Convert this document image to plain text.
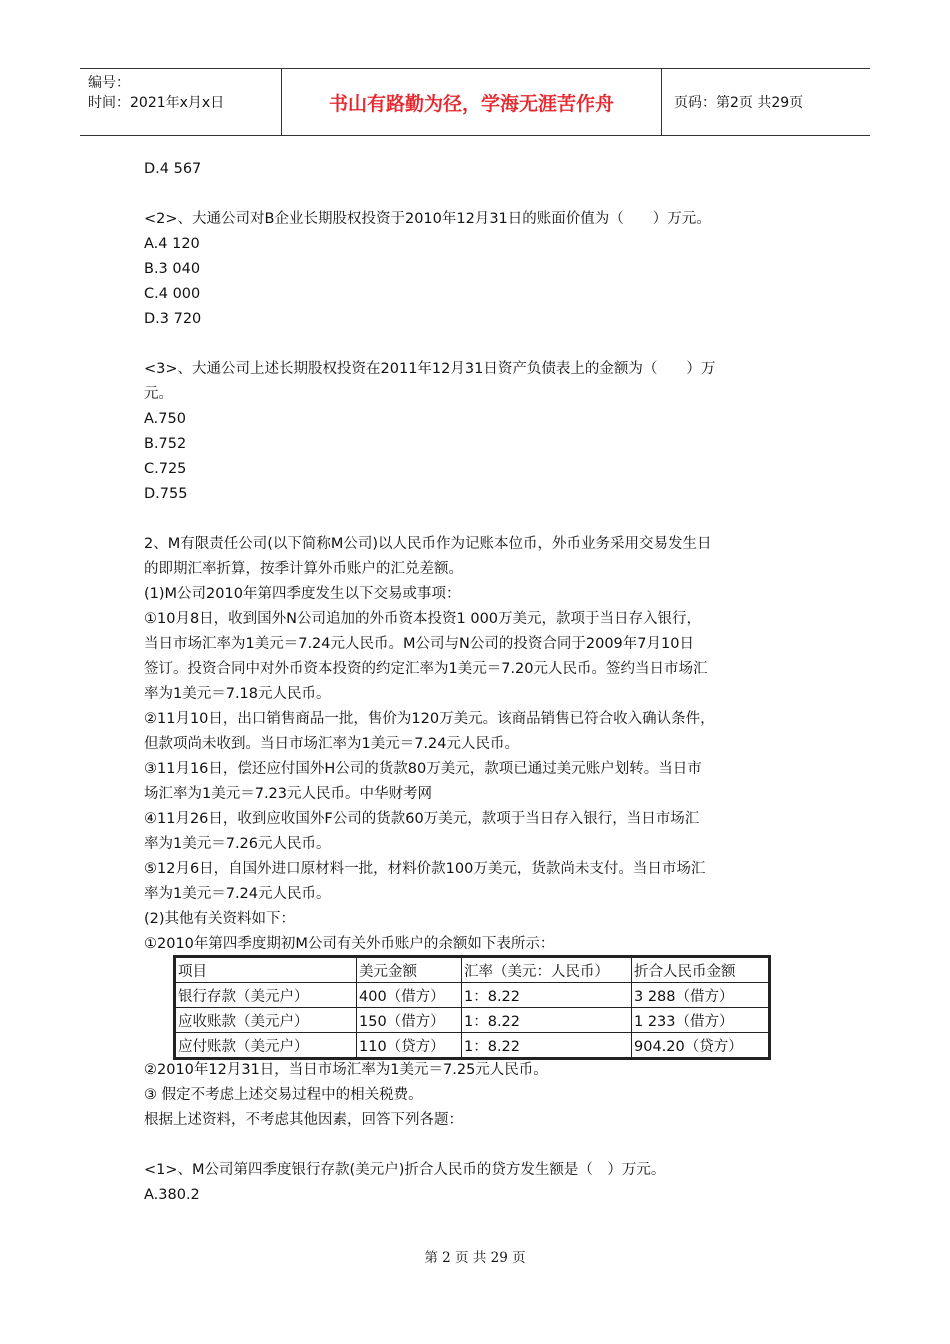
编号：
时间：2021年x月x日	书山有路勤为径，学海无涯苦作舟	页码：第2页 共29页
D.4 567
<2>、大通公司对B企业长期股权投资于2010年12月31日的账面价值为（　　）万元。
A.4 120
B.3 040
C.4 000
D.3 720
<3>、大通公司上述长期股权投资在2011年12月31日资产负债表上的金额为（　　）万
元。
A.750
B.752
C.725
D.755
2、M有限责任公司(以下简称M公司)以人民币作为记账本位币，外币业务采用交易发生日
的即期汇率折算，按季计算外币账户的汇兑差额。
(1)M公司2010年第四季度发生以下交易或事项：
①10月8日，收到国外N公司追加的外币资本投资1 000万美元，款项于当日存入银行，
当日市场汇率为1美元＝7.24元人民币。M公司与N公司的投资合同于2009年7月10日
签订。投资合同中对外币资本投资的约定汇率为1美元＝7.20元人民币。签约当日市场汇
率为1美元＝7.18元人民币。
②11月10日，出口销售商品一批，售价为120万美元。该商品销售已符合收入确认条件，
但款项尚未收到。当日市场汇率为1美元＝7.24元人民币。
③11月16日，偿还应付国外H公司的货款80万美元，款项已通过美元账户划转。当日市
场汇率为1美元＝7.23元人民币。中华财考网
④11月26日，收到应收国外F公司的货款60万美元，款项于当日存入银行，当日市场汇
率为1美元＝7.26元人民币。
⑤12月6日，自国外进口原材料一批，材料价款100万美元，货款尚未支付。当日市场汇
率为1美元＝7.24元人民币。
(2)其他有关资料如下：
①2010年第四季度期初M公司有关外币账户的余额如下表所示：
项目	美元金额	汇率（美元：人民币）	折合人民币金额
银行存款（美元户）	400（借方）	1：8.22	3 288（借方）
应收账款（美元户）	150（借方）	1：8.22	1 233（借方）
应付账款（美元户）	110（贷方）	1：8.22	904.20（贷方）
②2010年12月31日，当日市场汇率为1美元＝7.25元人民币。
③ 假定不考虑上述交易过程中的相关税费。
根据上述资料，不考虑其他因素，回答下列各题：
<1>、M公司第四季度银行存款(美元户)折合人民币的贷方发生额是（　）万元。
A.380.2
第 2 页 共 29 页
